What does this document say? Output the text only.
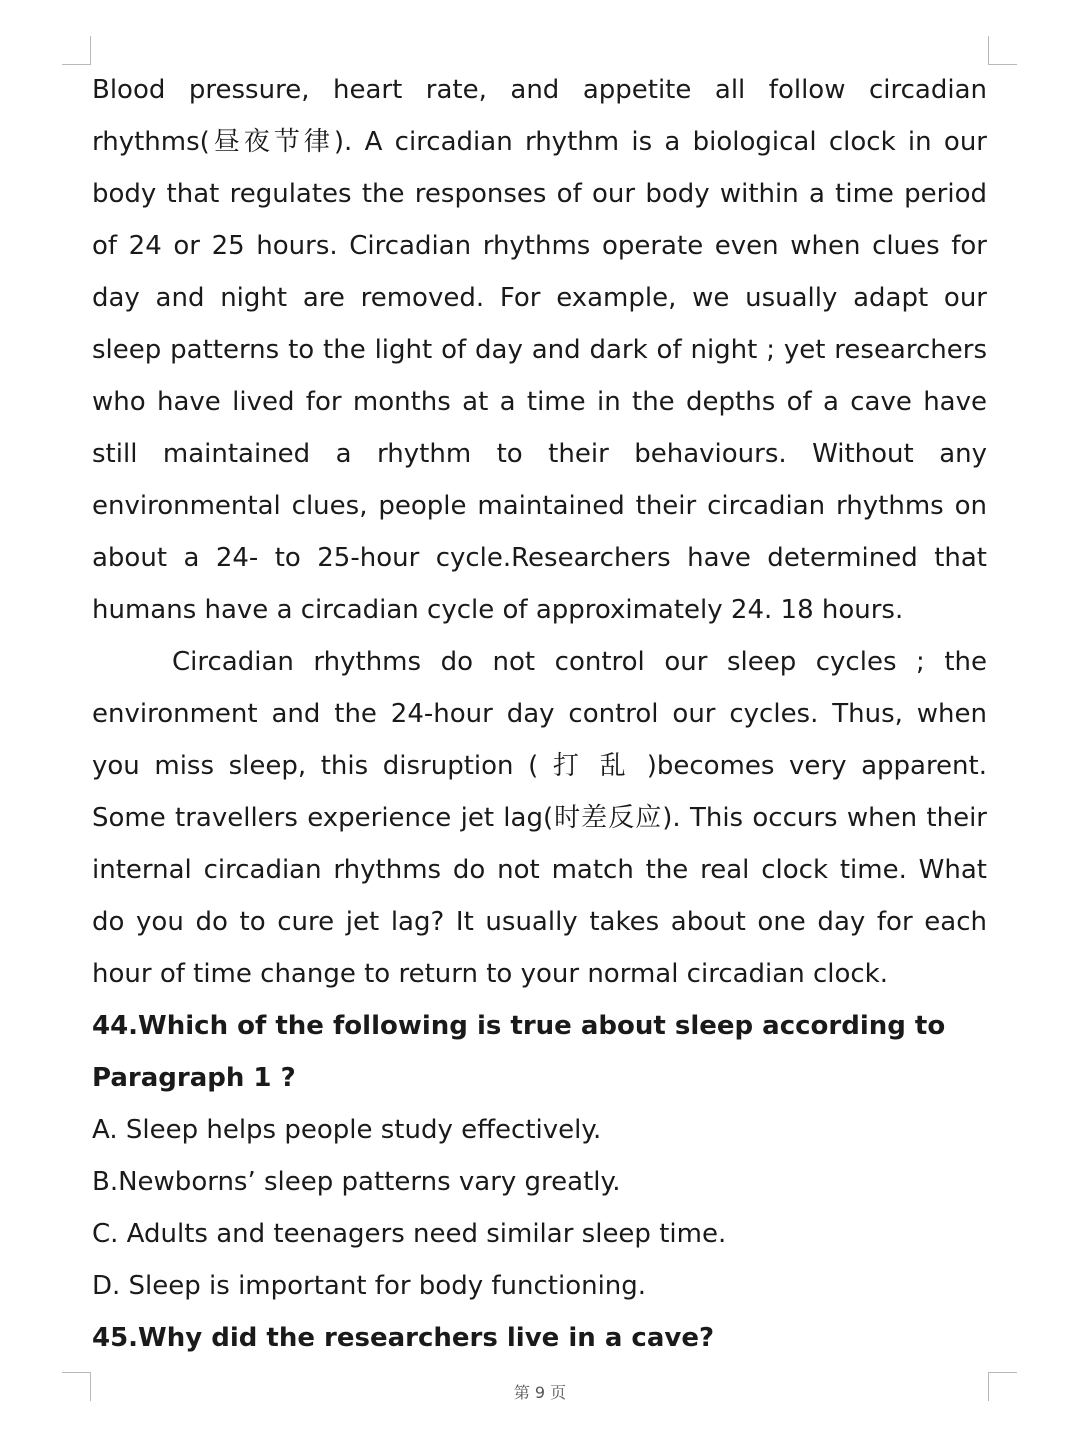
Blood pressure, heart rate, and appetite all follow circadian rhythms(昼夜节律). A circadian rhythm is a biological clock in our body that regulates the responses of our body within a time period of 24 or 25 hours. Circadian rhythms operate even when clues for day and night are removed. For example, we usually adapt our sleep patterns to the light of day and dark of night ; yet researchers who have lived for months at a time in the depths of a cave have still maintained a rhythm to their behaviours. Without any environmental clues, people maintained their circadian rhythms on about a 24- to 25-hour cycle.Researchers have determined that humans have a circadian cycle of approximately 24. 18 hours.

Circadian rhythms do not control our sleep cycles ; the environment and the 24-hour day control our cycles. Thus, when you miss sleep, this disruption ( 打 乱 )becomes very apparent. Some travellers experience jet lag(时差反应). This occurs when their internal circadian rhythms do not match the real clock time. What do you do to cure jet lag? It usually takes about one day for each hour of time change to return to your normal circadian clock.

44.Which of the following is true about sleep according to Paragraph 1 ?

A. Sleep helps people study effectively.

B.Newborns’ sleep patterns vary greatly.

C. Adults and teenagers need similar sleep time.

D. Sleep is important for body functioning.

45.Why did the researchers live in a cave?

第 9 页
